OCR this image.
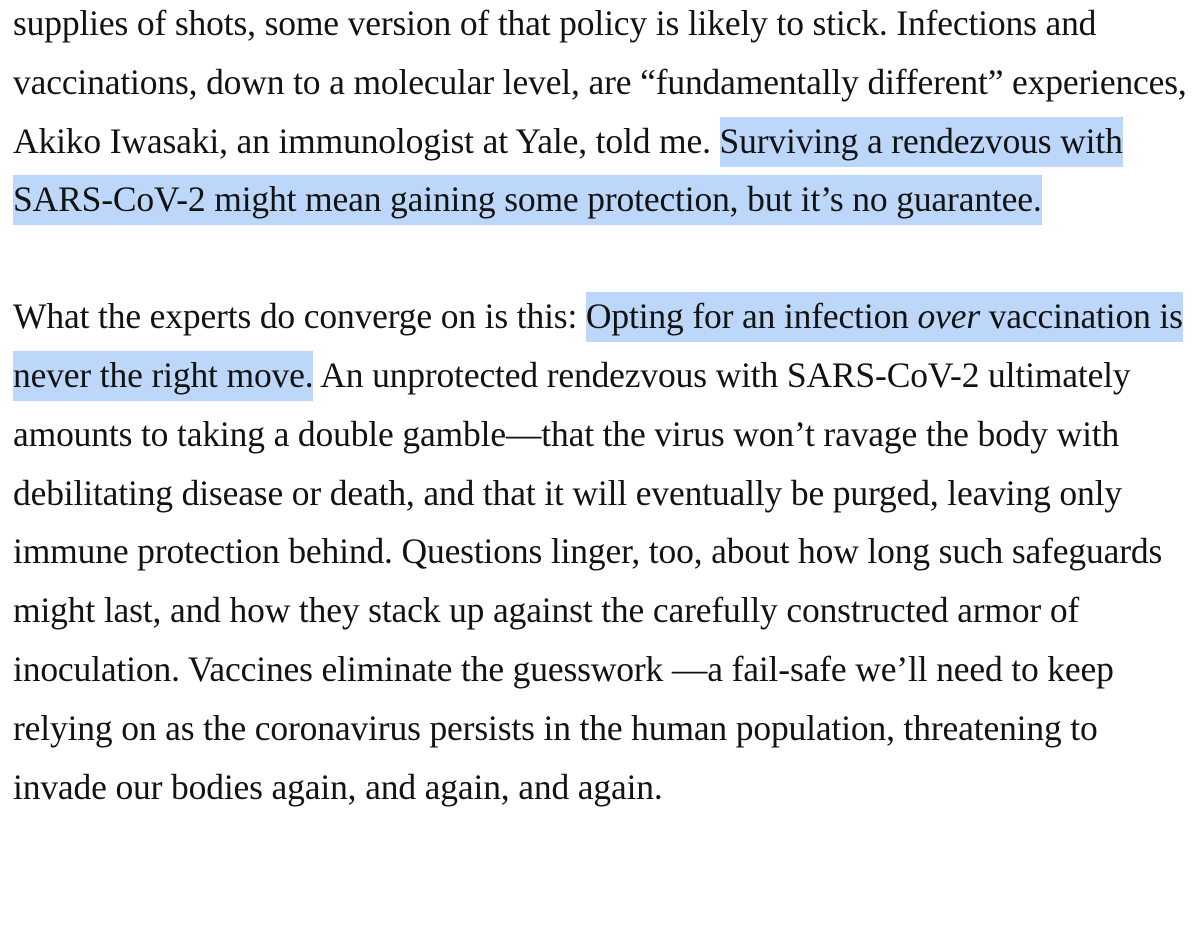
supplies of shots, some version of that policy is likely to stick. Infections and vaccinations, down to a molecular level, are “fundamentally different” experiences, Akiko Iwasaki, an immunologist at Yale, told me. Surviving a rendezvous with SARS-CoV-2 might mean gaining some protection, but it’s no guarantee.

What the experts do converge on is this: Opting for an infection over vaccination is never the right move. An unprotected rendezvous with SARS-CoV-2 ultimately amounts to taking a double gamble—that the virus won’t ravage the body with debilitating disease or death, and that it will eventually be purged, leaving only immune protection behind. Questions linger, too, about how long such safeguards might last, and how they stack up against the carefully constructed armor of inoculation. Vaccines eliminate the guesswork —a fail-safe we’ll need to keep relying on as the coronavirus persists in the human population, threatening to invade our bodies again, and again, and again.
